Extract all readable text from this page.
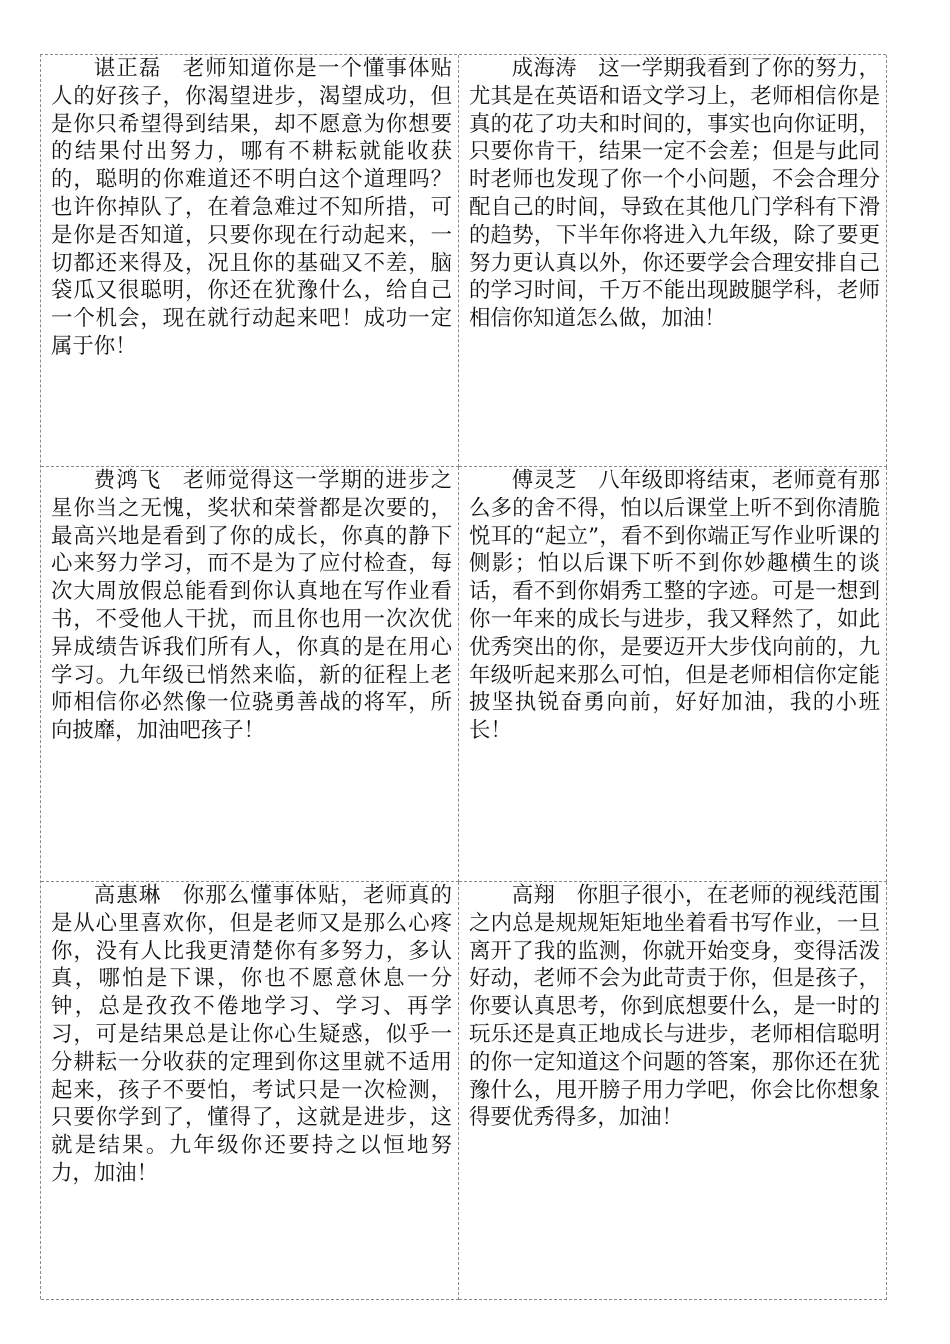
谌正磊 老师知道你是一个懂事体贴人的好孩子，你渴望进步，渴望成功，但是你只希望得到结果，却不愿意为你想要的结果付出努力，哪有不耕耘就能收获的，聪明的你难道还不明白这个道理吗？也许你掉队了，在着急难过不知所措，可是你是否知道，只要你现在行动起来，一切都还来得及，况且你的基础又不差，脑袋瓜又很聪明，你还在犹豫什么，给自己一个机会，现在就行动起来吧！成功一定属于你！

成海涛 这一学期我看到了你的努力，尤其是在英语和语文学习上，老师相信你是真的花了功夫和时间的，事实也向你证明，只要你肯干，结果一定不会差；但是与此同时老师也发现了你一个小问题，不会合理分配自己的时间，导致在其他几门学科有下滑的趋势，下半年你将进入九年级，除了要更努力更认真以外，你还要学会合理安排自己的学习时间，千万不能出现跛腿学科，老师相信你知道怎么做，加油！

费鸿飞 老师觉得这一学期的进步之星你当之无愧，奖状和荣誉都是次要的，最高兴地是看到了你的成长，你真的静下心来努力学习，而不是为了应付检查，每次大周放假总能看到你认真地在写作业看书，不受他人干扰，而且你也用一次次优异成绩告诉我们所有人，你真的是在用心学习。九年级已悄然来临，新的征程上老师相信你必然像一位骁勇善战的将军，所向披靡，加油吧孩子！

傅灵芝 八年级即将结束，老师竟有那么多的舍不得，怕以后课堂上听不到你清脆悦耳的“起立”，看不到你端正写作业听课的侧影；怕以后课下听不到你妙趣横生的谈话，看不到你娟秀工整的字迹。可是一想到你一年来的成长与进步，我又释然了，如此优秀突出的你，是要迈开大步伐向前的，九年级听起来那么可怕，但是老师相信你定能披坚执锐奋勇向前，好好加油，我的小班长！

高惠琳 你那么懂事体贴，老师真的是从心里喜欢你，但是老师又是那么心疼你，没有人比我更清楚你有多努力，多认真，哪怕是下课，你也不愿意休息一分钟，总是孜孜不倦地学习、学习、再学习，可是结果总是让你心生疑惑，似乎一分耕耘一分收获的定理到你这里就不适用起来，孩子不要怕，考试只是一次检测，只要你学到了，懂得了，这就是进步，这就是结果。九年级你还要持之以恒地努力，加油！

高翔 你胆子很小，在老师的视线范围之内总是规规矩矩地坐着看书写作业，一旦离开了我的监测，你就开始变身，变得活泼好动，老师不会为此苛责于你，但是孩子，你要认真思考，你到底想要什么，是一时的玩乐还是真正地成长与进步，老师相信聪明的你一定知道这个问题的答案，那你还在犹豫什么，甩开膀子用力学吧，你会比你想象得要优秀得多，加油！
